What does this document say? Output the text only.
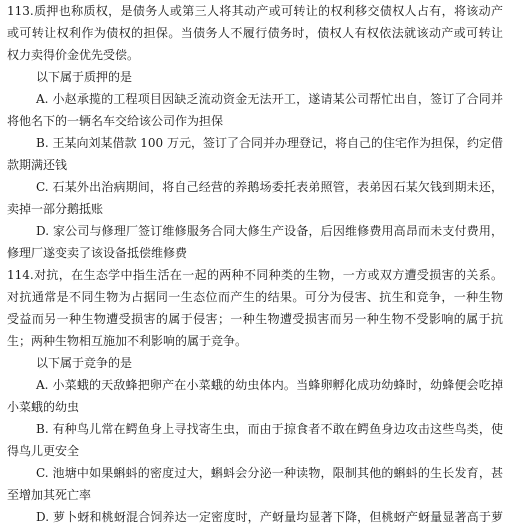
113.质押也称质权，是债务人或第三人将其动产或可转让的权利移交债权人占有，将该动产
或可转让权利作为债权的担保。当债务人不履行债务时，债权人有权依法就该动产或可转让
权力卖得价金优先受偿。
以下属于质押的是
A. 小赵承揽的工程项目因缺乏流动资金无法开工，遂请某公司帮忙出自，签订了合同并
将他名下的一辆名车交给该公司作为担保
B. 王某向刘某借款 100 万元，签订了合同并办理登记，将自己的住宅作为担保，约定借
款期满还钱
C. 石某外出治病期间，将自己经营的养鹅场委托表弟照管，表弟因石某欠钱到期未还，
卖掉一部分鹅抵账
D. 家公司与修理厂签订维修服务合同大修生产设备，后因维修费用高昂而未支付费用，
修理厂遂变卖了该设备抵偿维修费
114.对抗，在生态学中指生活在一起的两种不同种类的生物，一方或双方遭受损害的关系。
对抗通常是不同生物为占据同一生态位而产生的结果。可分为侵害、抗生和竞争，一种生物
受益而另一种生物遭受损害的属于侵害；一种生物遭受损害而另一种生物不受影响的属于抗
生；两种生物相互施加不利影响的属于竞争。
以下属于竞争的是
A. 小菜蛾的天敌蜂把卵产在小菜蛾的幼虫体内。当蜂卵孵化成功幼蜂时，幼蜂便会吃掉
小菜蛾的幼虫
B. 有种鸟儿常在鳄鱼身上寻找寄生虫，而由于掠食者不敢在鳄鱼身边攻击这些鸟类，使
得鸟儿更安全
C. 池塘中如果蝌蚪的密度过大，蝌蚪会分泌一种读物，限制其他的蝌蚪的生长发育，甚
至增加其死亡率
D. 萝卜蚜和桃蚜混合饲养达一定密度时，产蚜量均显著下降，但桃蚜产蚜量显著高于萝
